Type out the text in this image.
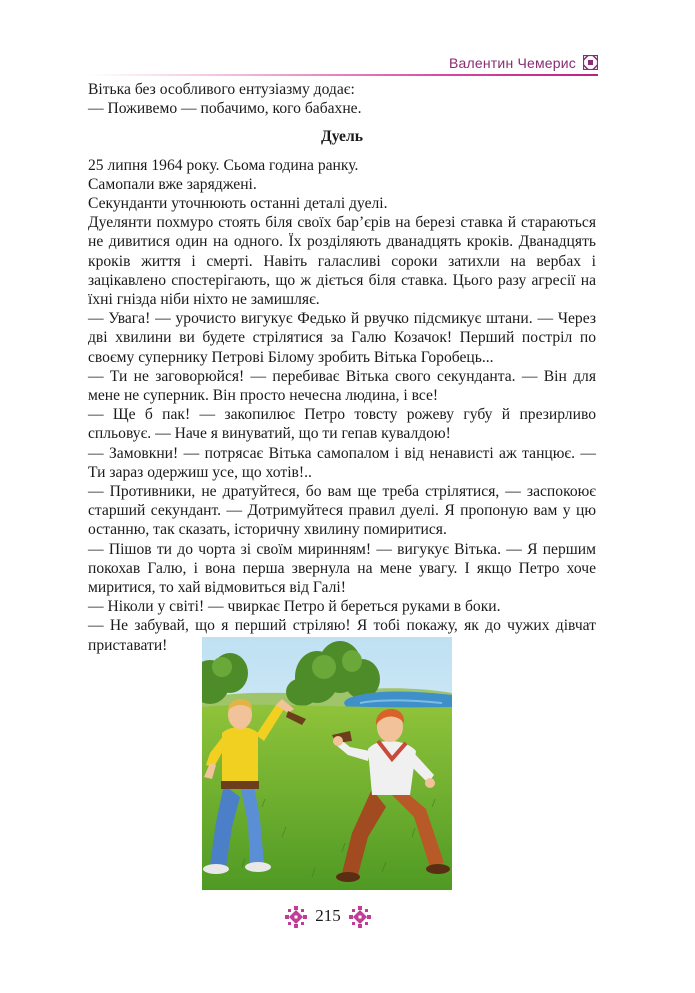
Валентин Чемерис

Вітька без особливого ентузіазму додає:

— Поживемо — побачимо, кого бабахне.

Дуель

25 липня 1964 року. Сьома година ранку.

Самопали вже заряджені.

Секунданти уточнюють останні деталі дуелі.

Дуелянти похмуро стоять біля своїх бар’єрів на березі ставка й стараються не дивитися один на одного. Їх розділяють дванадцять кроків. Дванадцять кроків життя і смерті. Навіть галасливі сороки затихли на вербах і зацікавлено спостерігають, що ж діється біля ставка. Цього разу агресії на їхні гнізда ніби ніхто не замишляє.

— Увага! — урочисто вигукує Федько й рвучко підсмикує штани. — Через дві хвилини ви будете стрілятися за Галю Козачок! Перший постріл по своєму супернику Петрові Білому зробить Вітька Горобець...

— Ти не заговорюйся! — перебиває Вітька свого секунданта. — Він для мене не суперник. Він просто нечесна людина, і все!

— Ще б пак! — закопилює Петро товсту рожеву губу й презирливо спльовує. — Наче я винуватий, що ти гепав кувалдою!

— Замовкни! — потрясає Вітька самопалом і від ненависті аж танцює. — Ти зараз одержиш усе, що хотів!..

— Противники, не дратуйтеся, бо вам ще треба стрілятися, — заспокоює старший секундант. — Дотримуйтеся правил дуелі. Я пропоную вам у цю останню, так сказать, історичну хвилину помиритися.

— Пішов ти до чорта зі своїм миринням! — вигукує Вітька. — Я першим покохав Галю, і вона перша звернула на мене увагу. І якщо Петро хоче миритися, то хай відмовиться від Галі!

— Ніколи у світі! — чвиркає Петро й береться руками в боки.

— Не забувай, що я перший стріляю! Я тобі покажу, як до чужих дівчат приставати!

215
